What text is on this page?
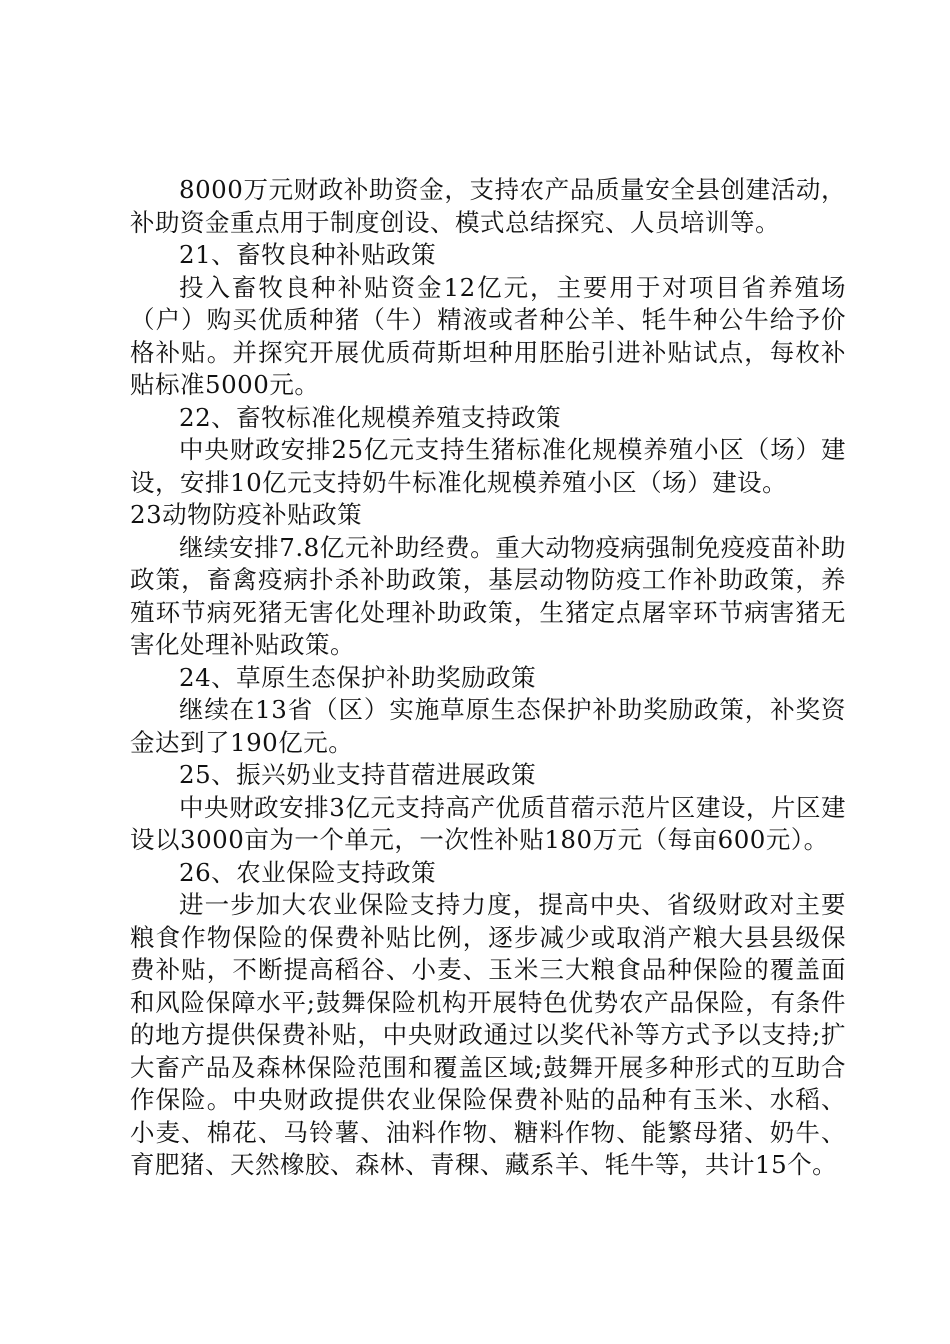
8000万元财政补助资金，支持农产品质量安全县创建活动，补助资金重点用于制度创设、模式总结探究、人员培训等。

21、畜牧良种补贴政策

投入畜牧良种补贴资金12亿元，主要用于对项目省养殖场（户）购买优质种猪（牛）精液或者种公羊、牦牛种公牛给予价格补贴。并探究开展优质荷斯坦种用胚胎引进补贴试点，每枚补贴标准5000元。

22、畜牧标准化规模养殖支持政策

中央财政安排25亿元支持生猪标准化规模养殖小区（场）建设，安排10亿元支持奶牛标准化规模养殖小区（场）建设。

23动物防疫补贴政策

继续安排7.8亿元补助经费。重大动物疫病强制免疫疫苗补助政策，畜禽疫病扑杀补助政策，基层动物防疫工作补助政策，养殖环节病死猪无害化处理补助政策，生猪定点屠宰环节病害猪无害化处理补贴政策。

24、草原生态保护补助奖励政策

继续在13省（区）实施草原生态保护补助奖励政策，补奖资金达到了190亿元。

25、振兴奶业支持苜蓿进展政策

中央财政安排3亿元支持高产优质苜蓿示范片区建设，片区建设以3000亩为一个单元，一次性补贴180万元（每亩600元）。

26、农业保险支持政策

进一步加大农业保险支持力度，提高中央、省级财政对主要粮食作物保险的保费补贴比例，逐步减少或取消产粮大县县级保费补贴，不断提高稻谷、小麦、玉米三大粮食品种保险的覆盖面和风险保障水平;鼓舞保险机构开展特色优势农产品保险，有条件的地方提供保费补贴，中央财政通过以奖代补等方式予以支持;扩大畜产品及森林保险范围和覆盖区域;鼓舞开展多种形式的互助合作保险。中央财政提供农业保险保费补贴的品种有玉米、水稻、小麦、棉花、马铃薯、油料作物、糖料作物、能繁母猪、奶牛、育肥猪、天然橡胶、森林、青稞、藏系羊、牦牛等，共计15个。
